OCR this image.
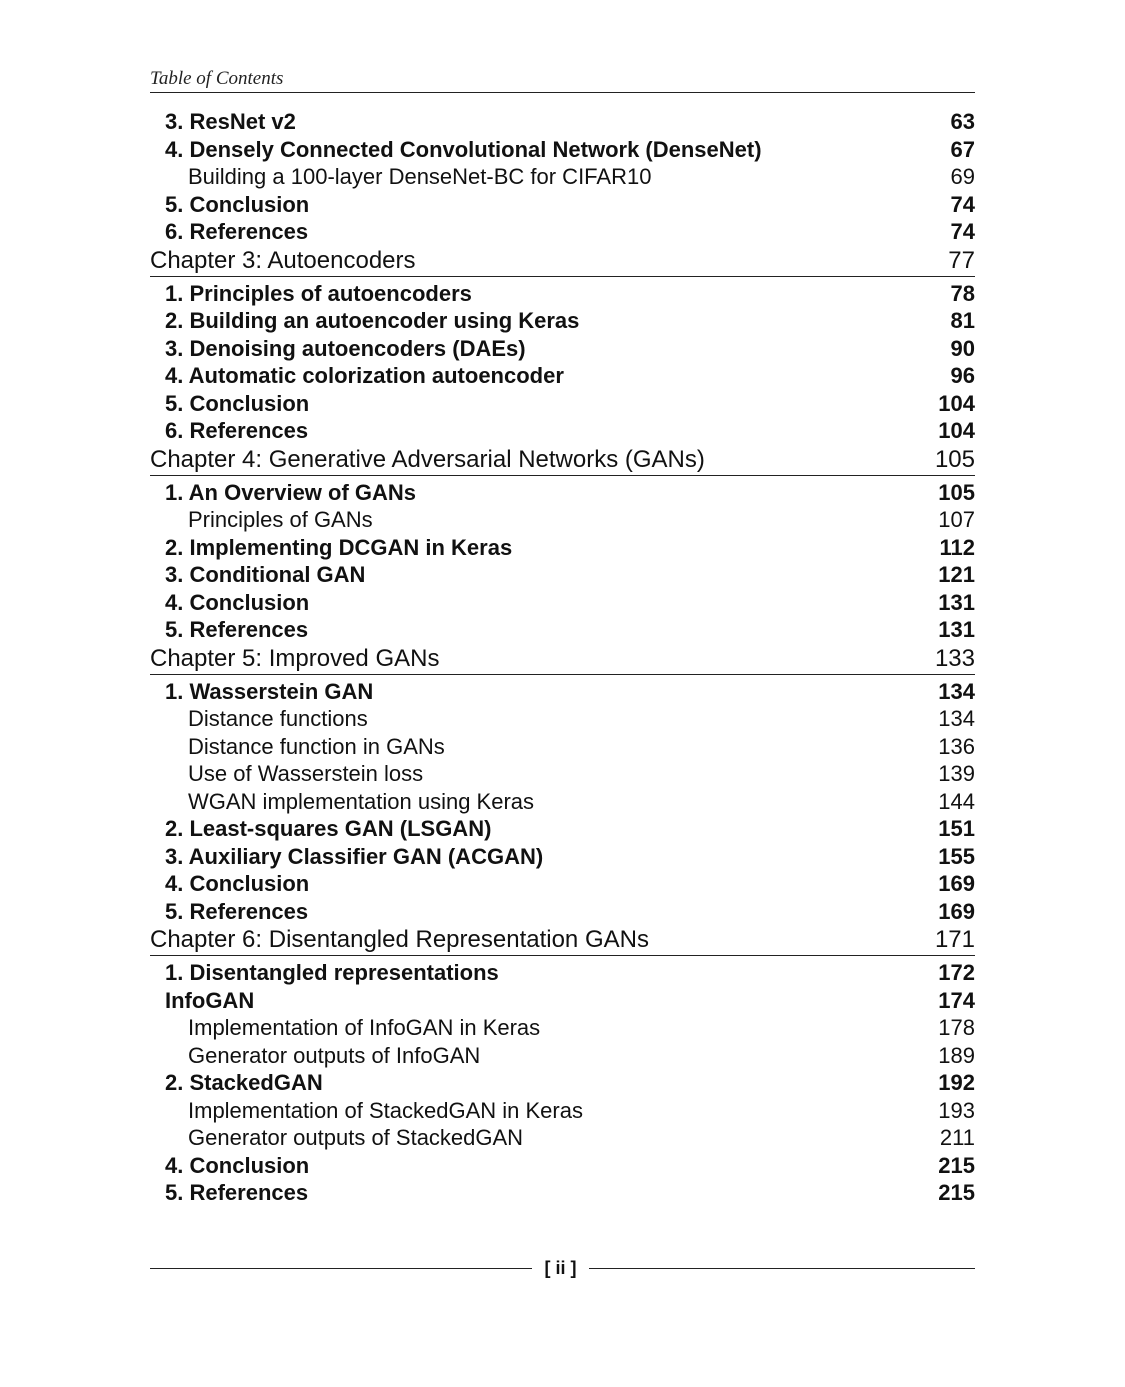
Table of Contents
3. ResNet v2	63
4. Densely Connected Convolutional Network (DenseNet)	67
Building a 100-layer DenseNet-BC for CIFAR10	69
5. Conclusion	74
6. References	74
Chapter 3: Autoencoders	77
1. Principles of autoencoders	78
2. Building an autoencoder using Keras	81
3. Denoising autoencoders (DAEs)	90
4. Automatic colorization autoencoder	96
5. Conclusion	104
6. References	104
Chapter 4: Generative Adversarial Networks (GANs)	105
1. An Overview of GANs	105
Principles of GANs	107
2. Implementing DCGAN in Keras	112
3. Conditional GAN	121
4. Conclusion	131
5. References	131
Chapter 5: Improved GANs	133
1. Wasserstein GAN	134
Distance functions	134
Distance function in GANs	136
Use of Wasserstein loss	139
WGAN implementation using Keras	144
2. Least-squares GAN (LSGAN)	151
3. Auxiliary Classifier GAN (ACGAN)	155
4. Conclusion	169
5. References	169
Chapter 6: Disentangled Representation GANs	171
1. Disentangled representations	172
InfoGAN	174
Implementation of InfoGAN in Keras	178
Generator outputs of InfoGAN	189
2. StackedGAN	192
Implementation of StackedGAN in Keras	193
Generator outputs of StackedGAN	211
4. Conclusion	215
5. References	215
[ ii ]
